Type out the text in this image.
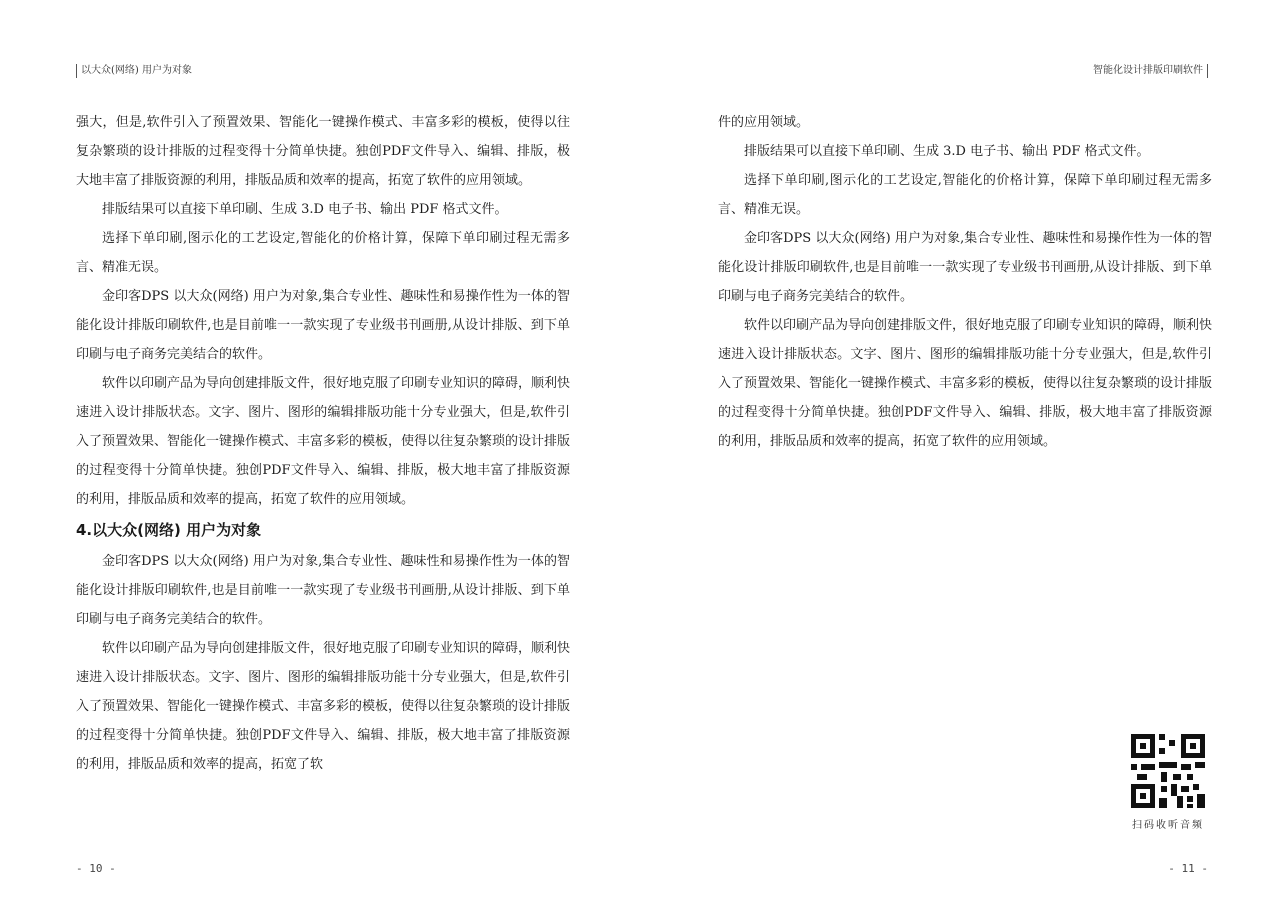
以大众(网络) 用户为对象

强大，但是,软件引入了预置效果、智能化一键操作模式、丰富多彩的模板，使得以往复杂繁琐的设计排版的过程变得十分简单快捷。独创PDF文件导入、编辑、排版，极大地丰富了排版资源的利用，排版品质和效率的提高，拓宽了软件的应用领域。

排版结果可以直接下单印刷、生成 3.D 电子书、输出 PDF 格式文件。

选择下单印刷,图示化的工艺设定,智能化的价格计算，保障下单印刷过程无需多言、精准无误。

金印客DPS 以大众(网络) 用户为对象,集合专业性、趣味性和易操作性为一体的智能化设计排版印刷软件,也是目前唯一一款实现了专业级书刊画册,从设计排版、到下单印刷与电子商务完美结合的软件。

软件以印刷产品为导向创建排版文件，很好地克服了印刷专业知识的障碍，顺利快速进入设计排版状态。文字、图片、图形的编辑排版功能十分专业强大，但是,软件引入了预置效果、智能化一键操作模式、丰富多彩的模板，使得以往复杂繁琐的设计排版的过程变得十分简单快捷。独创PDF文件导入、编辑、排版，极大地丰富了排版资源的利用，排版品质和效率的提高，拓宽了软件的应用领域。

4.以大众(网络) 用户为对象

金印客DPS 以大众(网络) 用户为对象,集合专业性、趣味性和易操作性为一体的智能化设计排版印刷软件,也是目前唯一一款实现了专业级书刊画册,从设计排版、到下单印刷与电子商务完美结合的软件。

软件以印刷产品为导向创建排版文件，很好地克服了印刷专业知识的障碍，顺利快速进入设计排版状态。文字、图片、图形的编辑排版功能十分专业强大，但是,软件引入了预置效果、智能化一键操作模式、丰富多彩的模板，使得以往复杂繁琐的设计排版的过程变得十分简单快捷。独创PDF文件导入、编辑、排版，极大地丰富了排版资源的利用，排版品质和效率的提高，拓宽了软

- 10 -
智能化设计排版印刷软件

件的应用领域。

排版结果可以直接下单印刷、生成 3.D 电子书、输出 PDF 格式文件。

选择下单印刷,图示化的工艺设定,智能化的价格计算，保障下单印刷过程无需多言、精准无误。

金印客DPS 以大众(网络) 用户为对象,集合专业性、趣味性和易操作性为一体的智能化设计排版印刷软件,也是目前唯一一款实现了专业级书刊画册,从设计排版、到下单印刷与电子商务完美结合的软件。

软件以印刷产品为导向创建排版文件，很好地克服了印刷专业知识的障碍，顺利快速进入设计排版状态。文字、图片、图形的编辑排版功能十分专业强大，但是,软件引入了预置效果、智能化一键操作模式、丰富多彩的模板，使得以往复杂繁琐的设计排版的过程变得十分简单快捷。独创PDF文件导入、编辑、排版，极大地丰富了排版资源的利用，排版品质和效率的提高，拓宽了软件的应用领域。

扫码收听音频
- 11 -
